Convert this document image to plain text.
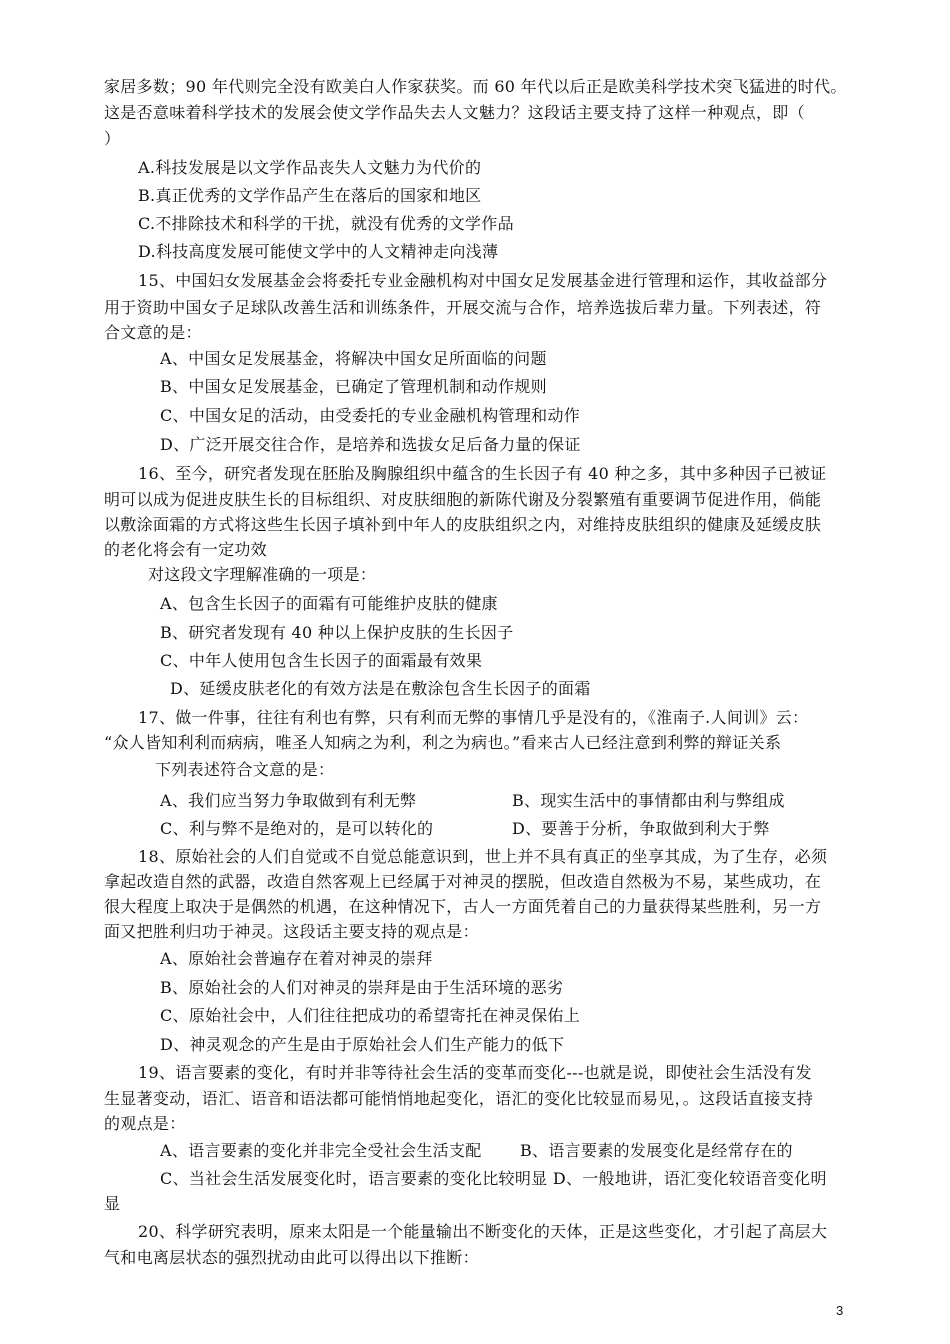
家居多数；90 年代则完全没有欧美白人作家获奖。而 60 年代以后正是欧美科学技术突飞猛进的时代。
这是否意味着科学技术的发展会使文学作品失去人文魅力？这段话主要支持了这样一种观点，即（
）
A.科技发展是以文学作品丧失人文魅力为代价的
B.真正优秀的文学作品产生在落后的国家和地区
C.不排除技术和科学的干扰，就没有优秀的文学作品
D.科技高度发展可能使文学中的人文精神走向浅薄
15、中国妇女发展基金会将委托专业金融机构对中国女足发展基金进行管理和运作，其收益部分
用于资助中国女子足球队改善生活和训练条件，开展交流与合作，培养选拔后辈力量。下列表述，符
合文意的是：
A、中国女足发展基金，将解决中国女足所面临的问题
B、中国女足发展基金，已确定了管理机制和动作规则
C、中国女足的活动，由受委托的专业金融机构管理和动作
D、广泛开展交往合作，是培养和选拔女足后备力量的保证
16、至今，研究者发现在胚胎及胸腺组织中蕴含的生长因子有 40 种之多，其中多种因子已被证
明可以成为促进皮肤生长的目标组织、对皮肤细胞的新陈代谢及分裂繁殖有重要调节促进作用，倘能
以敷涂面霜的方式将这些生长因子填补到中年人的皮肤组织之内，对维持皮肤组织的健康及延缓皮肤
的老化将会有一定功效
对这段文字理解准确的一项是：
A、包含生长因子的面霜有可能维护皮肤的健康
B、研究者发现有 40 种以上保护皮肤的生长因子
C、中年人使用包含生长因子的面霜最有效果
D、延缓皮肤老化的有效方法是在敷涂包含生长因子的面霜
17、做一件事，往往有利也有弊，只有利而无弊的事情几乎是没有的，《淮南子.人间训》云：
“众人皆知利利而病病，唯圣人知病之为利，利之为病也。”看来古人已经注意到利弊的辩证关系
下列表述符合文意的是：
A、我们应当努力争取做到有利无弊	B、现实生活中的事情都由利与弊组成
C、利与弊不是绝对的，是可以转化的	D、要善于分析，争取做到利大于弊
18、原始社会的人们自觉或不自觉总能意识到，世上并不具有真正的坐享其成，为了生存，必须
拿起改造自然的武器，改造自然客观上已经属于对神灵的摆脱，但改造自然极为不易，某些成功，在
很大程度上取决于是偶然的机遇，在这种情况下，古人一方面凭着自己的力量获得某些胜利，另一方
面又把胜利归功于神灵。这段话主要支持的观点是：
A、原始社会普遍存在着对神灵的崇拜
B、原始社会的人们对神灵的崇拜是由于生活环境的恶劣
C、原始社会中，人们往往把成功的希望寄托在神灵保佑上
D、神灵观念的产生是由于原始社会人们生产能力的低下
19、语言要素的变化，有时并非等待社会生活的变革而变化---也就是说，即使社会生活没有发
生显著变动，语汇、语音和语法都可能悄悄地起变化，语汇的变化比较显而易见，。这段话直接支持
的观点是：
A、语言要素的变化并非完全受社会生活支配 B、语言要素的发展变化是经常存在的
C、当社会生活发展变化时，语言要素的变化比较明显 D、一般地讲，语汇变化较语音变化明
显
20、科学研究表明，原来太阳是一个能量输出不断变化的天体，正是这些变化，才引起了高层大
气和电离层状态的强烈扰动由此可以得出以下推断：
3
